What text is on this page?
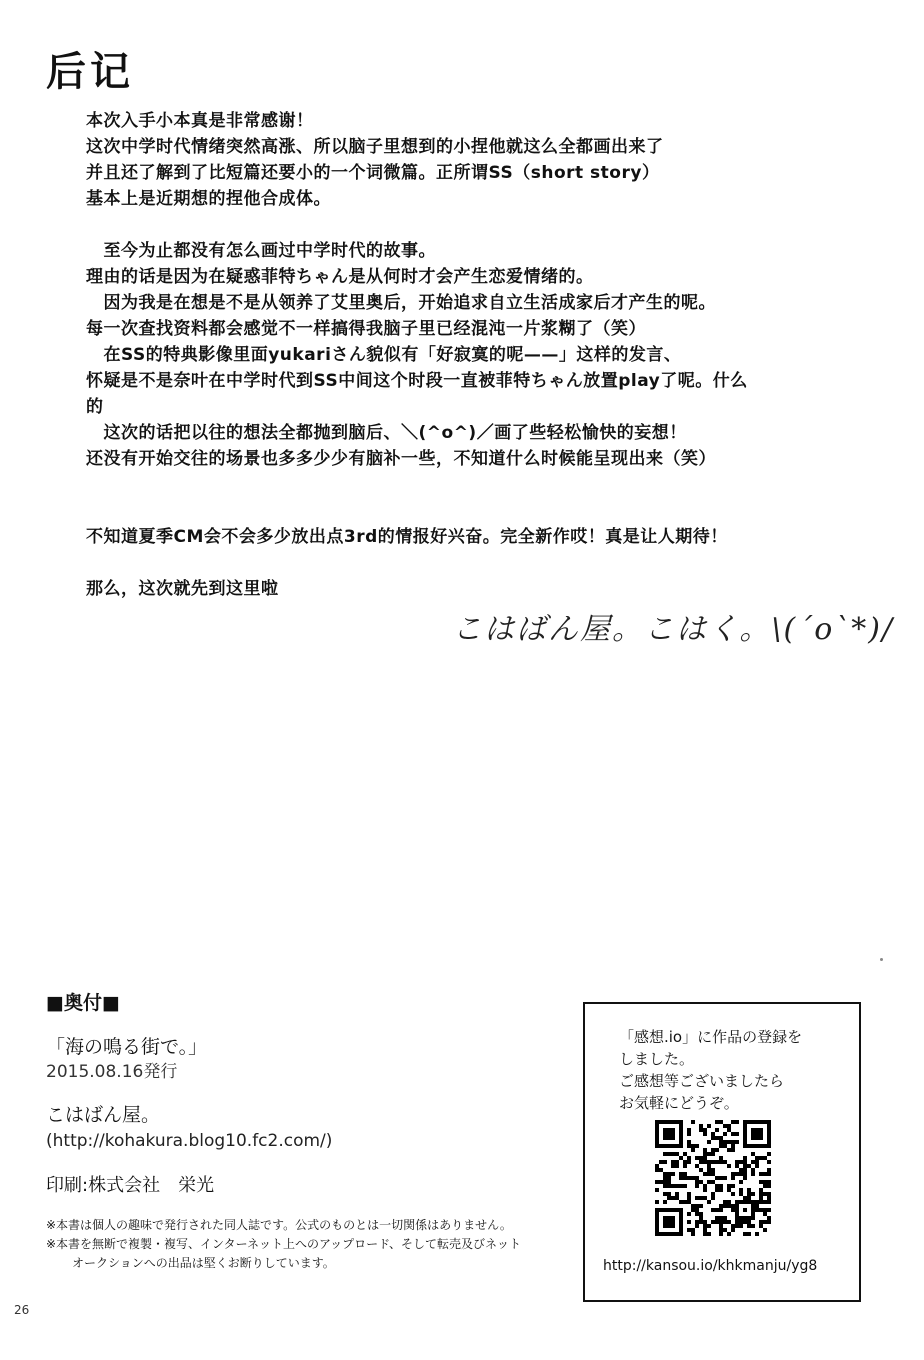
后记
本次入手小本真是非常感谢！
这次中学时代情绪突然高涨、所以脑子里想到的小捏他就这么全都画出来了
并且还了解到了比短篇还要小的一个词微篇。正所谓SS（short story）
基本上是近期想的捏他合成体。
　至今为止都没有怎么画过中学时代的故事。
理由的话是因为在疑惑菲特ちゃん是从何时才会产生恋爱情绪的。
　因为我是在想是不是从领养了艾里奥后，开始追求自立生活成家后才产生的呢。
每一次查找资料都会感觉不一样搞得我脑子里已经混沌一片浆糊了（笑）
　在SS的特典影像里面yukariさん貌似有「好寂寞的呢——」这样的发言、
怀疑是不是奈叶在中学时代到SS中间这个时段一直被菲特ちゃん放置play了呢。什么
的
　这次的话把以往的想法全都抛到脑后、＼(^o^)／画了些轻松愉快的妄想！
还没有开始交往的场景也多多少少有脑补一些，不知道什么时候能呈现出来（笑）
不知道夏季CM会不会多少放出点3rd的情报好兴奋。完全新作哎！真是让人期待！
那么，这次就先到这里啦
こはばん屋。こはく。\(´o`*)/
■奥付■
「海の鳴る街で。」
2015.08.16発行
こはばん屋。
(http://kohakura.blog10.fc2.com/)
印刷:株式会社　栄光
※本書は個人の趣味で発行された同人誌です。公式のものとは一切関係はありません。
※本書を無断で複製・複写、インターネット上へのアップロード、そして転売及びネット
オークションへの出品は堅くお断りしています。
「感想.io」に作品の登録を
しました。
ご感想等ございましたら
お気軽にどうぞ。
http://kansou.io/khkmanju/yg8
26
